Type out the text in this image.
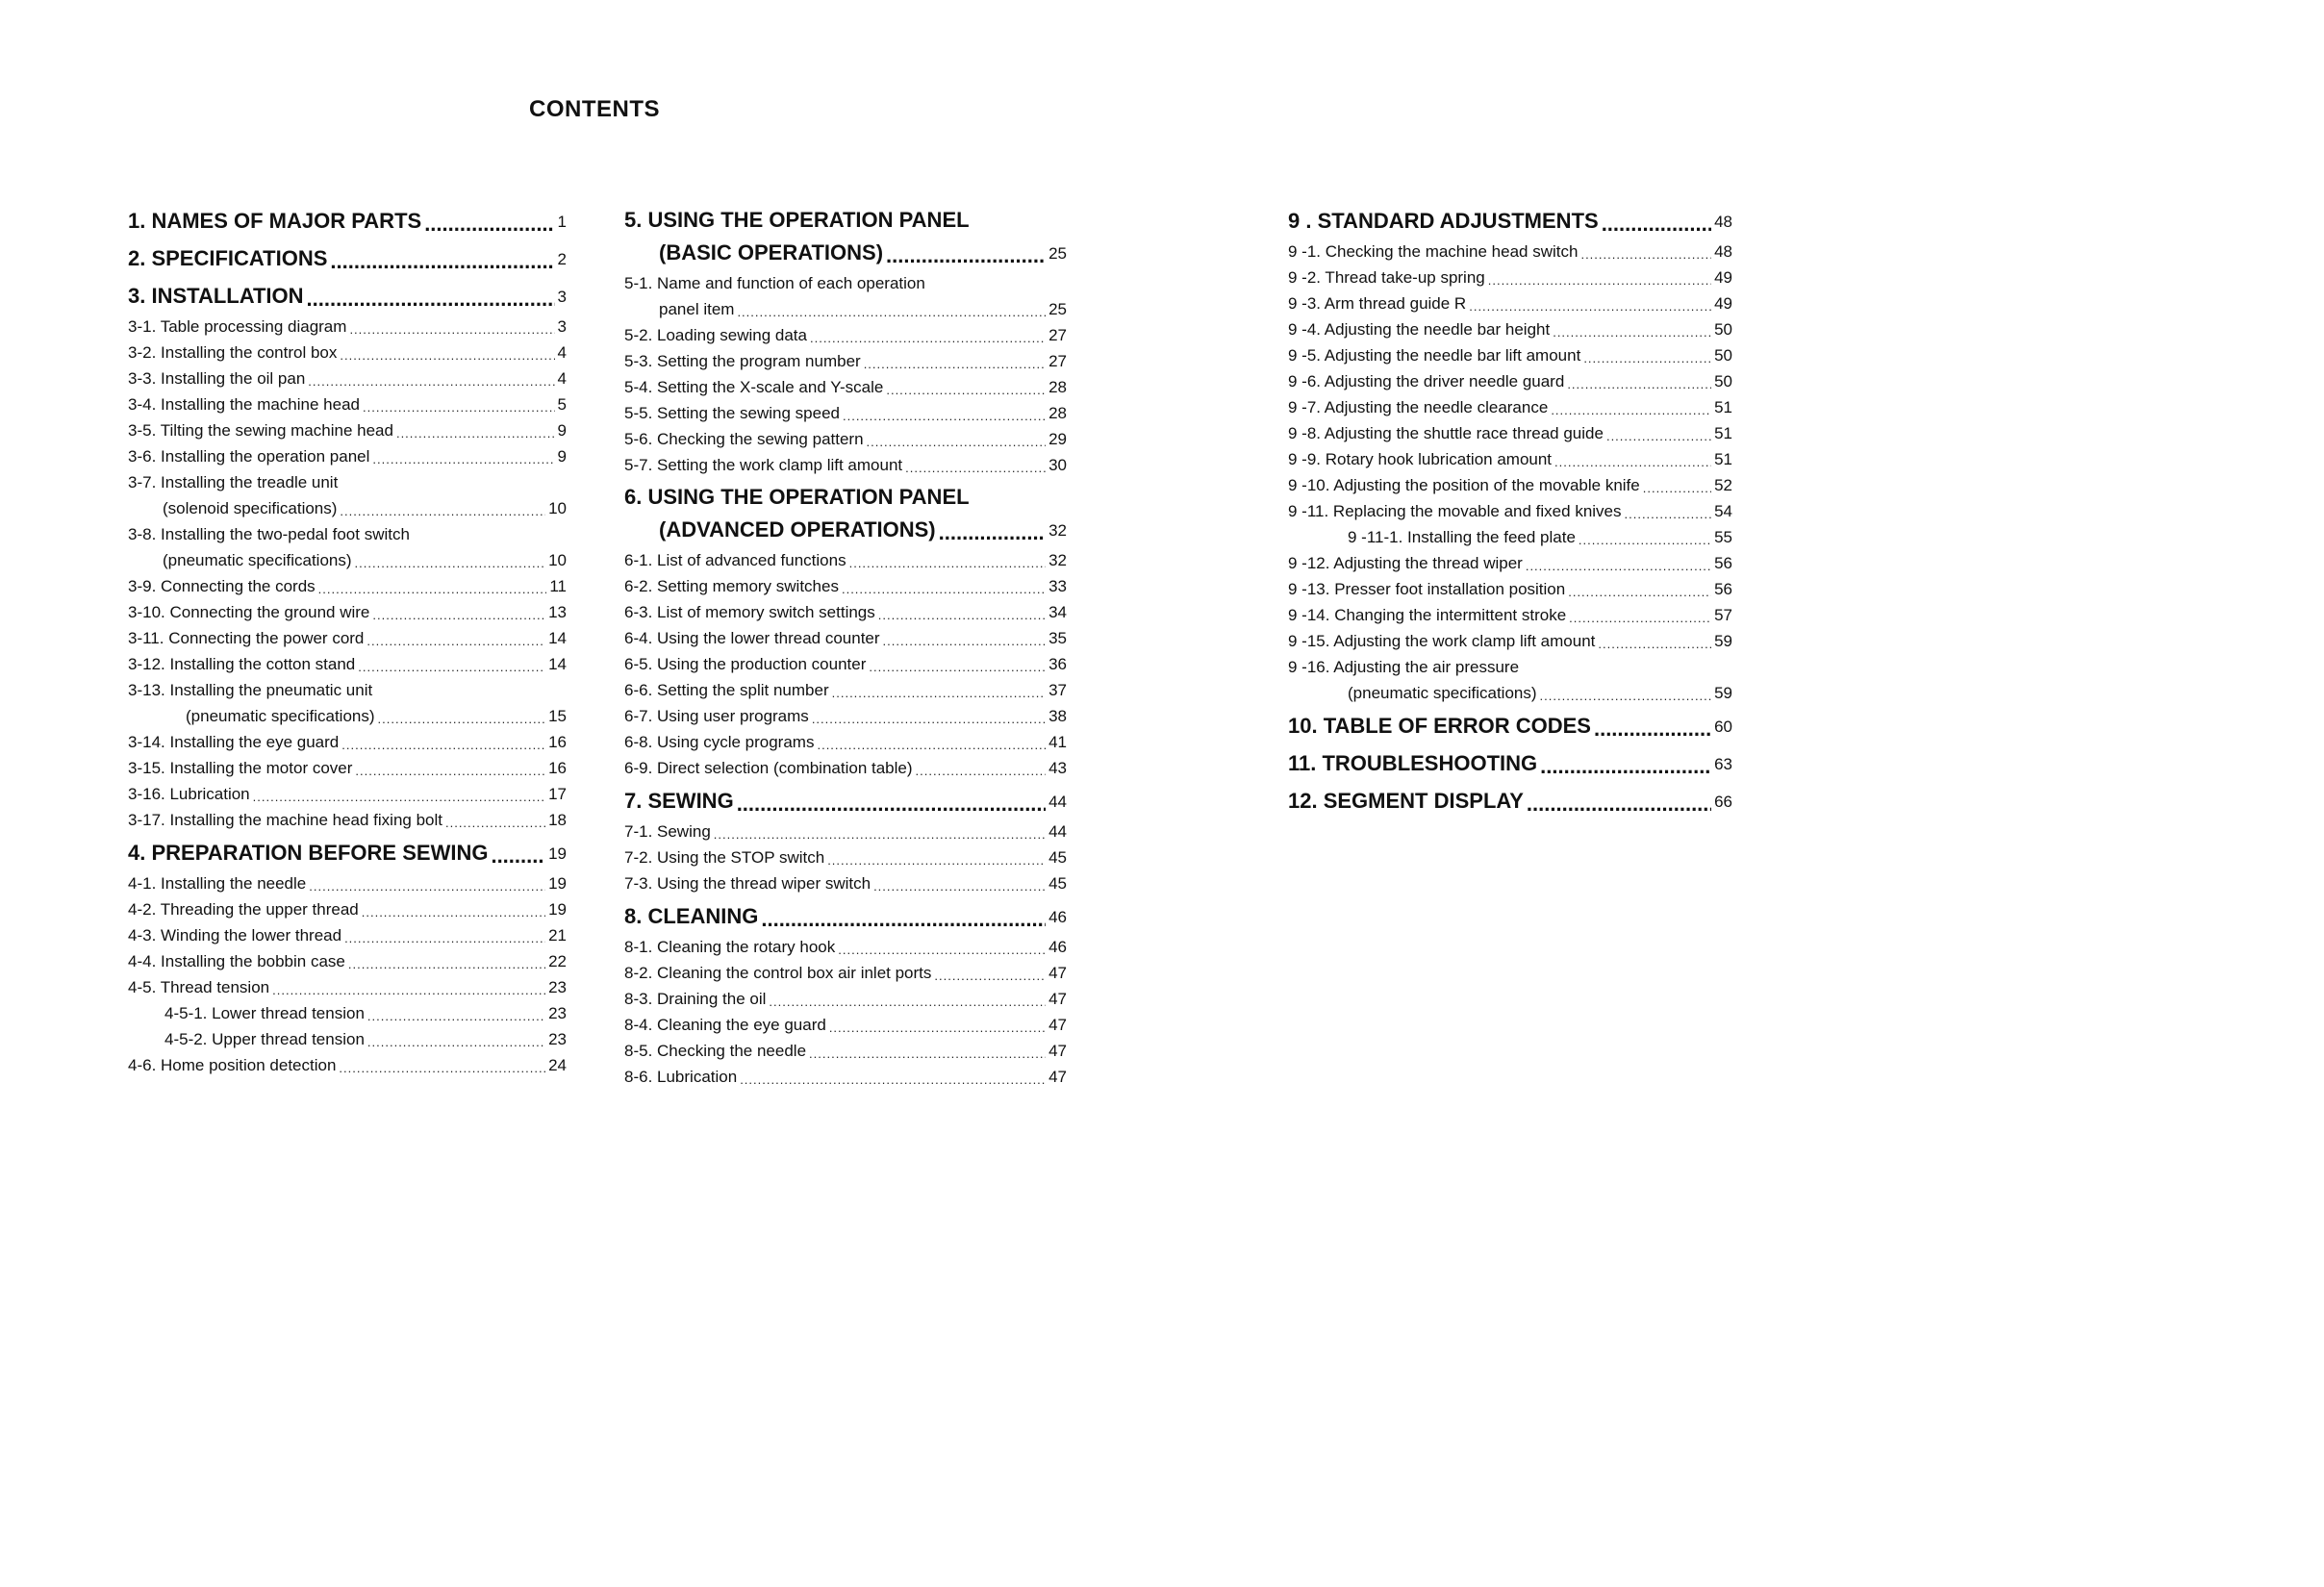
CONTENTS
1. NAMES OF MAJOR PARTS .....	1
2. SPECIFICATIONS .....	2
3. INSTALLATION .....	3
3-1. Table processing diagram .....	3
3-2. Installing the control box .....	4
3-3. Installing the oil pan .....	4
3-4. Installing the machine head .....	5
3-5. Tilting the sewing machine head .....	9
3-6. Installing the operation panel .....	9
3-7. Installing the treadle unit
(solenoid specifications) .....	10
3-8. Installing the two-pedal foot switch
(pneumatic specifications) .....	10
3-9. Connecting the cords .....	11
3-10. Connecting the ground wire .....	13
3-11. Connecting the power cord .....	14
3-12. Installing the cotton stand .....	14
3-13. Installing the pneumatic unit
(pneumatic specifications) .....	15
3-14. Installing the eye guard .....	16
3-15. Installing the motor cover .....	16
3-16. Lubrication .....	17
3-17. Installing the machine head fixing bolt .....	18
4. PREPARATION BEFORE SEWING .....	19
4-1. Installing the needle .....	19
4-2. Threading the upper thread .....	19
4-3. Winding the lower thread .....	21
4-4. Installing the bobbin case .....	22
4-5. Thread tension .....	23
4-5-1. Lower thread tension .....	23
4-5-2. Upper thread tension .....	23
4-6. Home position detection .....	24
5. USING THE OPERATION PANEL
(BASIC OPERATIONS) .....	25
5-1. Name and function of each operation
panel item .....	25
5-2. Loading sewing data .....	27
5-3. Setting the program number .....	27
5-4. Setting the X-scale and Y-scale .....	28
5-5. Setting the sewing speed .....	28
5-6. Checking the sewing pattern .....	29
5-7. Setting the work clamp lift amount .....	30
6. USING THE OPERATION PANEL
(ADVANCED OPERATIONS) .....	32
6-1. List of advanced functions .....	32
6-2. Setting memory switches .....	33
6-3. List of memory switch settings .....	34
6-4. Using the lower thread counter .....	35
6-5. Using the production counter .....	36
6-6. Setting the split number .....	37
6-7. Using user programs .....	38
6-8. Using cycle programs .....	41
6-9. Direct selection (combination table) .....	43
7. SEWING .....	44
7-1. Sewing .....	44
7-2. Using the STOP switch .....	45
7-3. Using the thread wiper switch .....	45
8. CLEANING .....	46
8-1. Cleaning the rotary hook .....	46
8-2. Cleaning the control box air inlet ports .....	47
8-3. Draining the oil .....	47
8-4. Cleaning the eye guard .....	47
8-5. Checking the needle .....	47
8-6. Lubrication .....	47
9 . STANDARD ADJUSTMENTS .....	48
9 -1. Checking the machine head switch .....	48
9 -2. Thread take-up spring .....	49
9 -3. Arm thread guide R .....	49
9 -4. Adjusting the needle bar height .....	50
9 -5. Adjusting the needle bar lift amount .....	50
9 -6. Adjusting the driver needle guard .....	50
9 -7. Adjusting the needle clearance .....	51
9 -8. Adjusting the shuttle race thread guide .....	51
9 -9. Rotary hook lubrication amount .....	51
9 -10. Adjusting the position of the movable knife .....	52
9 -11. Replacing the movable and fixed knives .....	54
9 -11-1. Installing the feed plate .....	55
9 -12. Adjusting the thread wiper .....	56
9 -13. Presser foot installation position .....	56
9 -14. Changing the intermittent stroke .....	57
9 -15. Adjusting the work clamp lift amount .....	59
9 -16. Adjusting the air pressure
(pneumatic specifications) .....	59
10. TABLE OF ERROR CODES .....	60
11. TROUBLESHOOTING .....	63
12. SEGMENT DISPLAY .....	66
